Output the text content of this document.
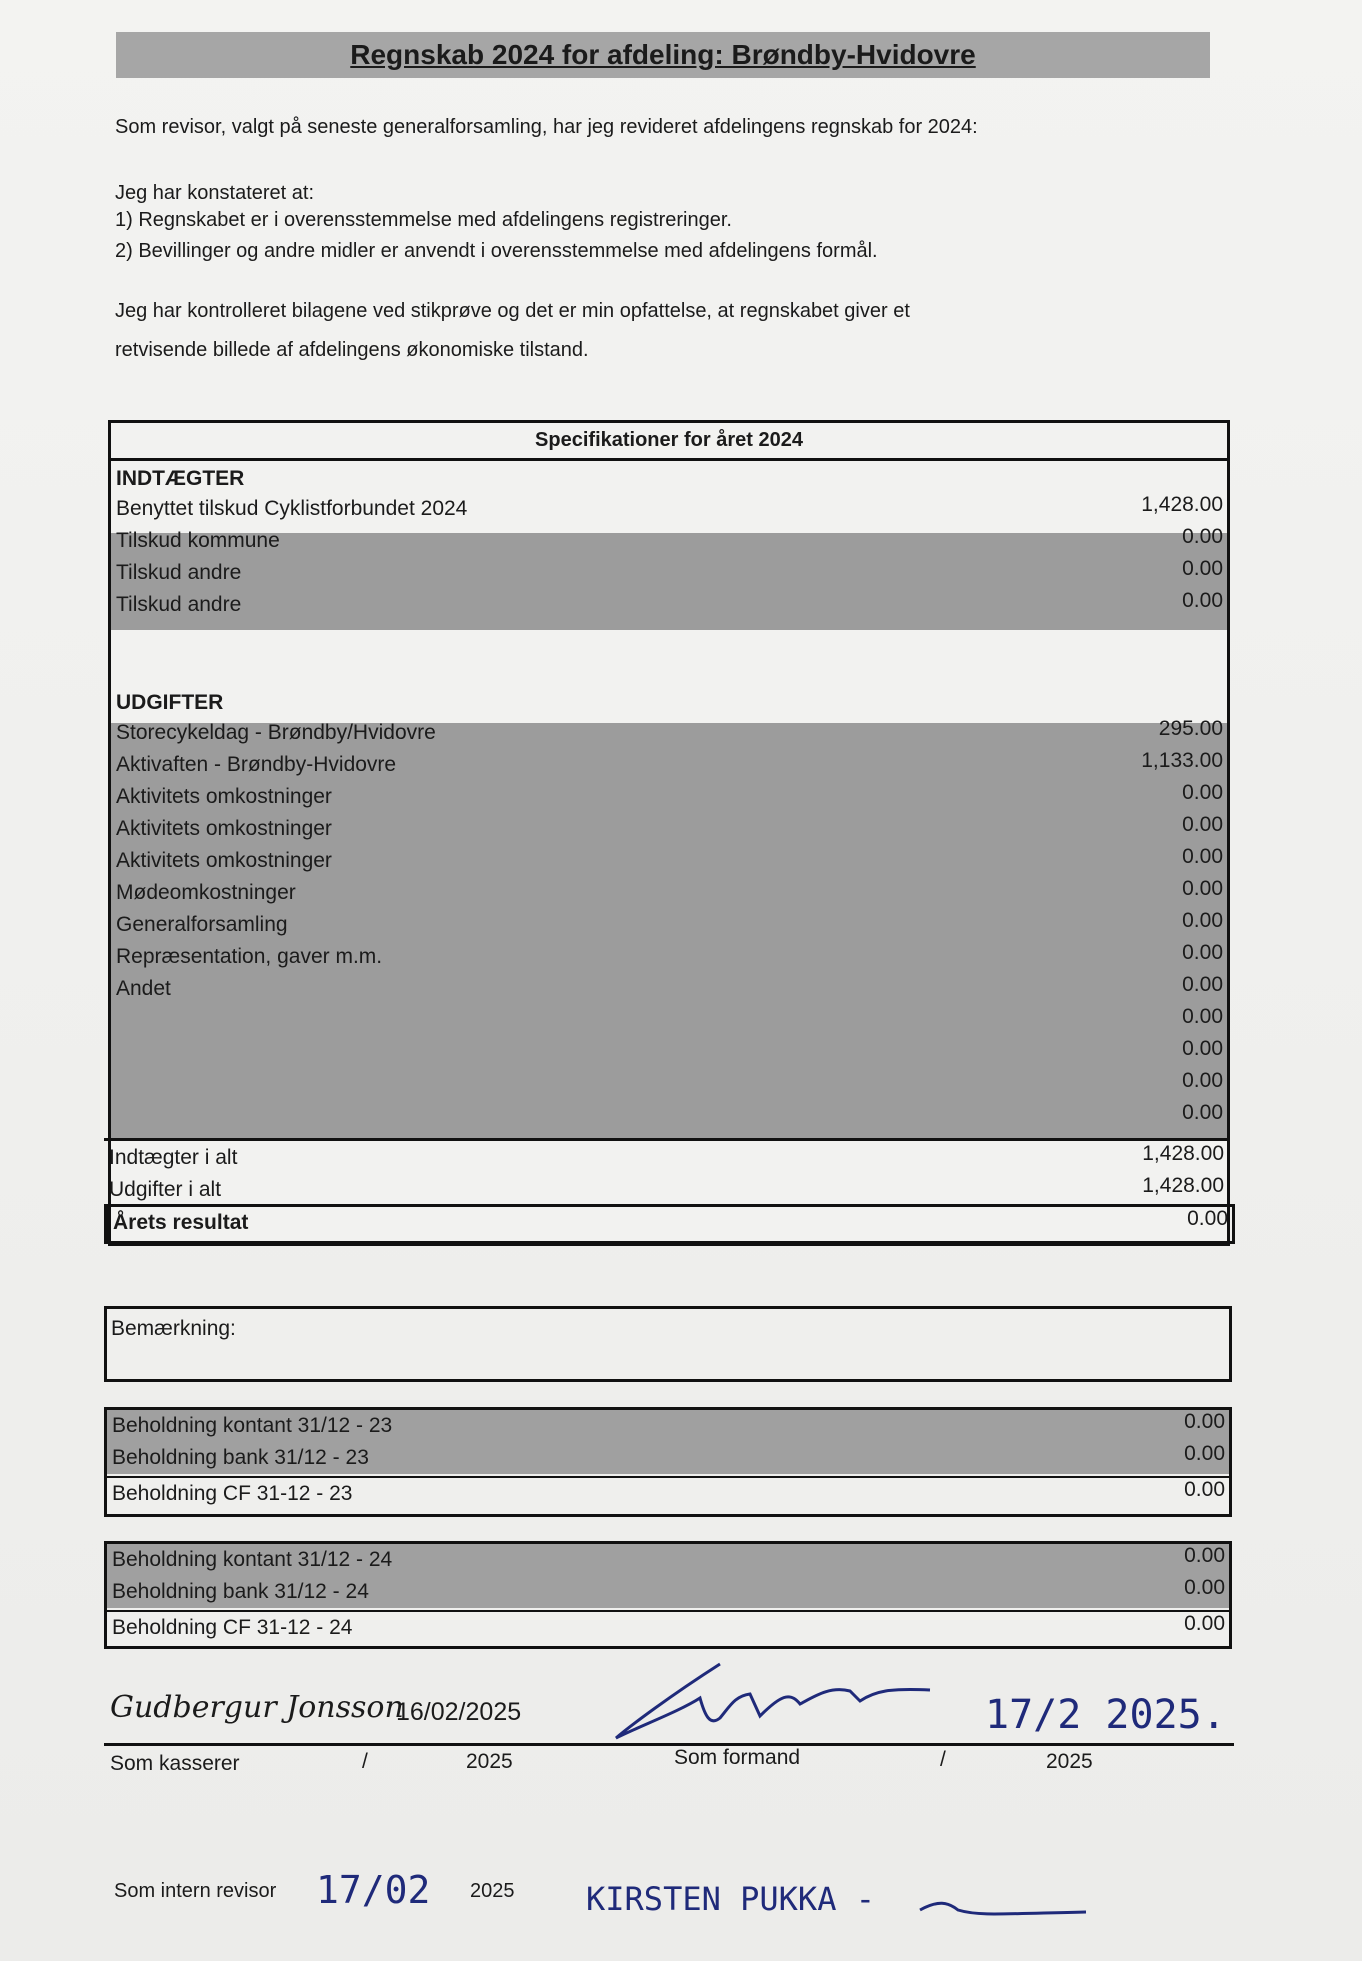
Regnskab 2024 for afdeling: Brøndby-Hvidovre
Som revisor, valgt på seneste generalforsamling, har jeg revideret afdelingens regnskab for 2024:
Jeg har konstateret at:
1) Regnskabet er i overensstemmelse med afdelingens registreringer.
2) Bevillinger og andre midler er anvendt i overensstemmelse med afdelingens formål.
Jeg har kontrolleret bilagene ved stikprøve og det er min opfattelse, at regnskabet giver et
retvisende billede af afdelingens økonomiske tilstand.
Specifikationer for året 2024
INDTÆGTER
Benyttet tilskud Cyklistforbundet 2024	1,428.00
Tilskud kommune	0.00
Tilskud andre	0.00
Tilskud andre	0.00
UDGIFTER
Storecykeldag - Brøndby/Hvidovre	295.00
Aktivaften - Brøndby-Hvidovre	1,133.00
Aktivitets omkostninger	0.00
Aktivitets omkostninger	0.00
Aktivitets omkostninger	0.00
Mødeomkostninger	0.00
Generalforsamling	0.00
Repræsentation, gaver m.m.	0.00
Andet	0.00
0.00
0.00
0.00
0.00
Indtægter i alt	1,428.00
Udgifter i alt	1,428.00
Årets resultat	0.00
Bemærkning:
Beholdning kontant 31/12 - 23	0.00
Beholdning bank 31/12 - 23	0.00
Beholdning CF 31-12 - 23	0.00
Beholdning kontant 31/12 - 24	0.00
Beholdning bank 31/12 - 24	0.00
Beholdning CF 31-12 - 24	0.00
Gudbergur Jonsson
16/02/2025	17/2 2025.
Som kasserer	/	2025	Som formand	/	2025
Som intern revisor 17/02 2025 KIRSTEN PUKKA -
